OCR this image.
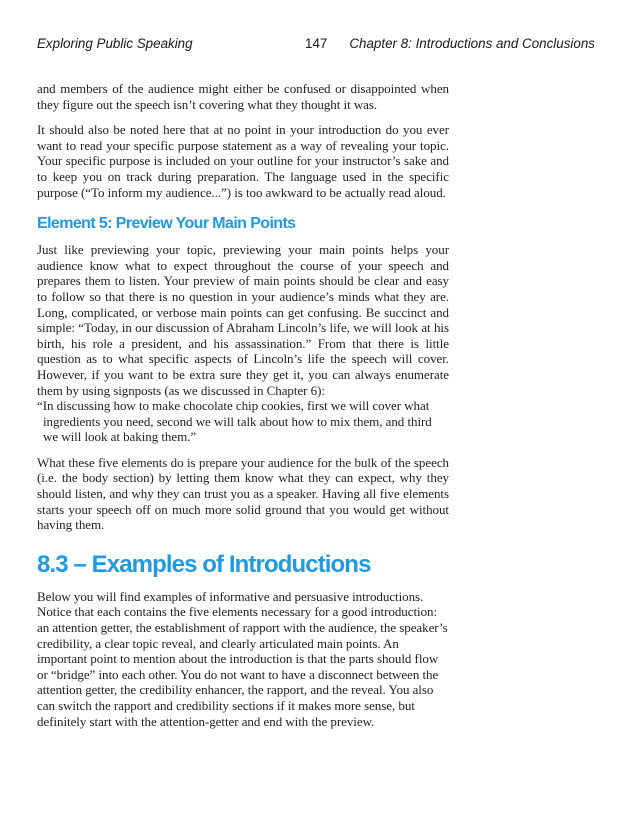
Exploring Public Speaking	147 Chapter 8: Introductions and Conclusions

and members of the audience might either be confused or disappointed when they figure out the speech isn’t covering what they thought it was.

It should also be noted here that at no point in your introduction do you ever want to read your specific purpose statement as a way of revealing your topic. Your specific purpose is included on your outline for your instructor’s sake and to keep you on track during preparation. The language used in the specific purpose (“To inform my audience...”) is too awkward to be actually read aloud.

Element 5: Preview Your Main Points

Just like previewing your topic, previewing your main points helps your audience know what to expect throughout the course of your speech and prepares them to listen. Your preview of main points should be clear and easy to follow so that there is no question in your audience’s minds what they are. Long, complicated, or verbose main points can get confusing. Be succinct and simple: “Today, in our discussion of Abraham Lincoln’s life, we will look at his birth, his role a president, and his assassination.” From that there is little question as to what specific aspects of Lincoln’s life the speech will cover. However, if you want to be extra sure they get it, you can always enumerate them by using signposts (as we discussed in Chapter 6):

“In discussing how to make chocolate chip cookies, first we will cover what ingredients you need, second we will talk about how to mix them, and third we will look at baking them.”

What these five elements do is prepare your audience for the bulk of the speech (i.e. the body section) by letting them know what they can expect, why they should listen, and why they can trust you as a speaker. Having all five elements starts your speech off on much more solid ground that you would get without having them.

8.3 – Examples of Introductions

Below you will find examples of informative and persuasive introductions. Notice that each contains the five elements necessary for a good introduction: an attention getter, the establishment of rapport with the audience, the speaker’s credibility, a clear topic reveal, and clearly articulated main points. An important point to mention about the introduction is that the parts should flow or “bridge” into each other. You do not want to have a disconnect between the attention getter, the credibility enhancer, the rapport, and the reveal. You also can switch the rapport and credibility sections if it makes more sense, but definitely start with the attention-getter and end with the preview.
